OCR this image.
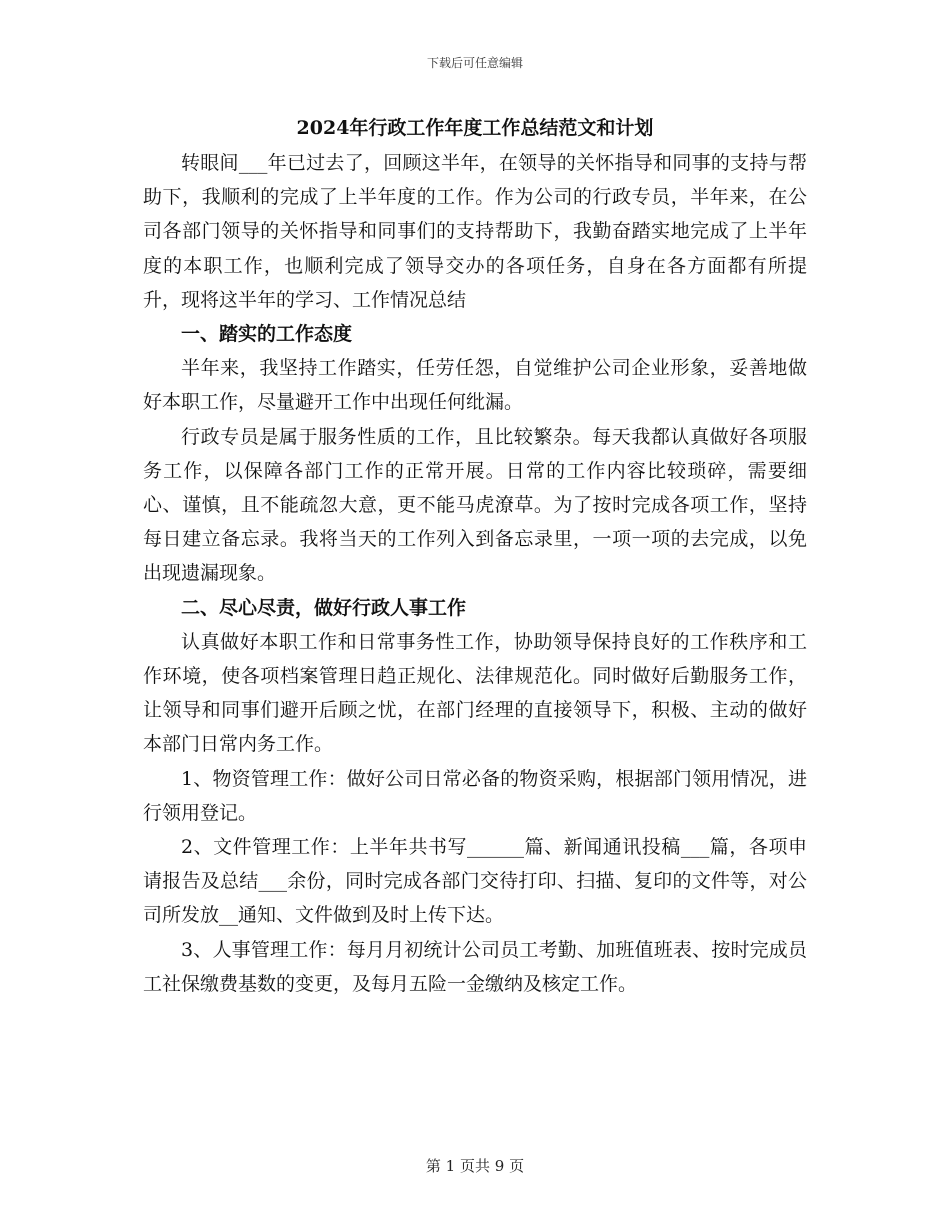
下载后可任意编辑
2024年行政工作年度工作总结范文和计划

转眼间___年已过去了，回顾这半年，在领导的关怀指导和同事的支持与帮助下，我顺利的完成了上半年度的工作。作为公司的行政专员，半年来，在公司各部门领导的关怀指导和同事们的支持帮助下，我勤奋踏实地完成了上半年度的本职工作，也顺利完成了领导交办的各项任务，自身在各方面都有所提升，现将这半年的学习、工作情况总结

一、踏实的工作态度

半年来，我坚持工作踏实，任劳任怨，自觉维护公司企业形象，妥善地做好本职工作，尽量避开工作中出现任何纰漏。

行政专员是属于服务性质的工作，且比较繁杂。每天我都认真做好各项服务工作，以保障各部门工作的正常开展。日常的工作内容比较琐碎，需要细心、谨慎，且不能疏忽大意，更不能马虎潦草。为了按时完成各项工作，坚持每日建立备忘录。我将当天的工作列入到备忘录里，一项一项的去完成，以免出现遗漏现象。

二、尽心尽责，做好行政人事工作

认真做好本职工作和日常事务性工作，协助领导保持良好的工作秩序和工作环境，使各项档案管理日趋正规化、法律规范化。同时做好后勤服务工作，让领导和同事们避开后顾之忧，在部门经理的直接领导下，积极、主动的做好本部门日常内务工作。

1、物资管理工作：做好公司日常必备的物资采购，根据部门领用情况，进行领用登记。

2、文件管理工作：上半年共书写______篇、新闻通讯投稿___篇，各项申请报告及总结___余份，同时完成各部门交待打印、扫描、复印的文件等，对公司所发放__通知、文件做到及时上传下达。

3、人事管理工作：每月月初统计公司员工考勤、加班值班表、按时完成员工社保缴费基数的变更，及每月五险一金缴纳及核定工作。

第 1 页共 9 页
